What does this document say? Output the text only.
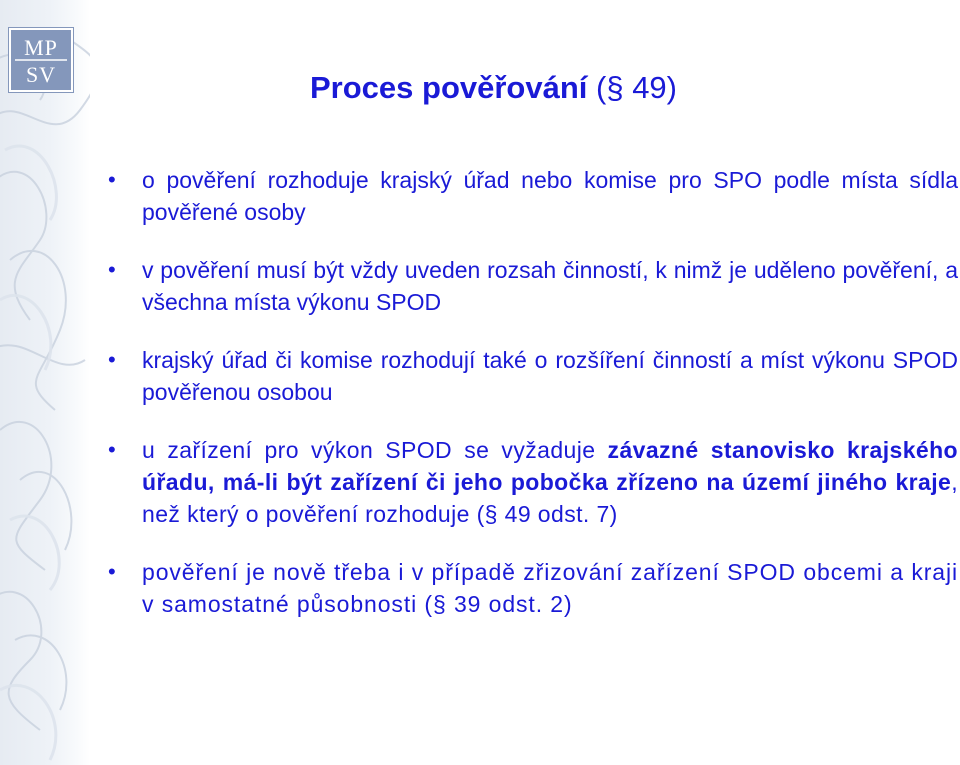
MP
SV	Proces pověřování (§ 49)
• o pověření rozhoduje krajský úřad nebo komise pro SPO podle místa sídla pověřené osoby
• v pověření musí být vždy uveden rozsah činností, k nimž je uděleno pověření, a všechna místa výkonu SPOD
• krajský úřad či komise rozhodují také o rozšíření činností a míst výkonu SPOD pověřenou osobou
• u zařízení pro výkon SPOD se vyžaduje závazné stanovisko krajského úřadu, má-li být zařízení či jeho pobočka zřízeno na území jiného kraje, než který o pověření rozhoduje (§ 49 odst. 7)
• pověření je nově třeba i v případě zřizování zařízení SPOD obcemi a kraji v samostatné působnosti (§ 39 odst. 2)
